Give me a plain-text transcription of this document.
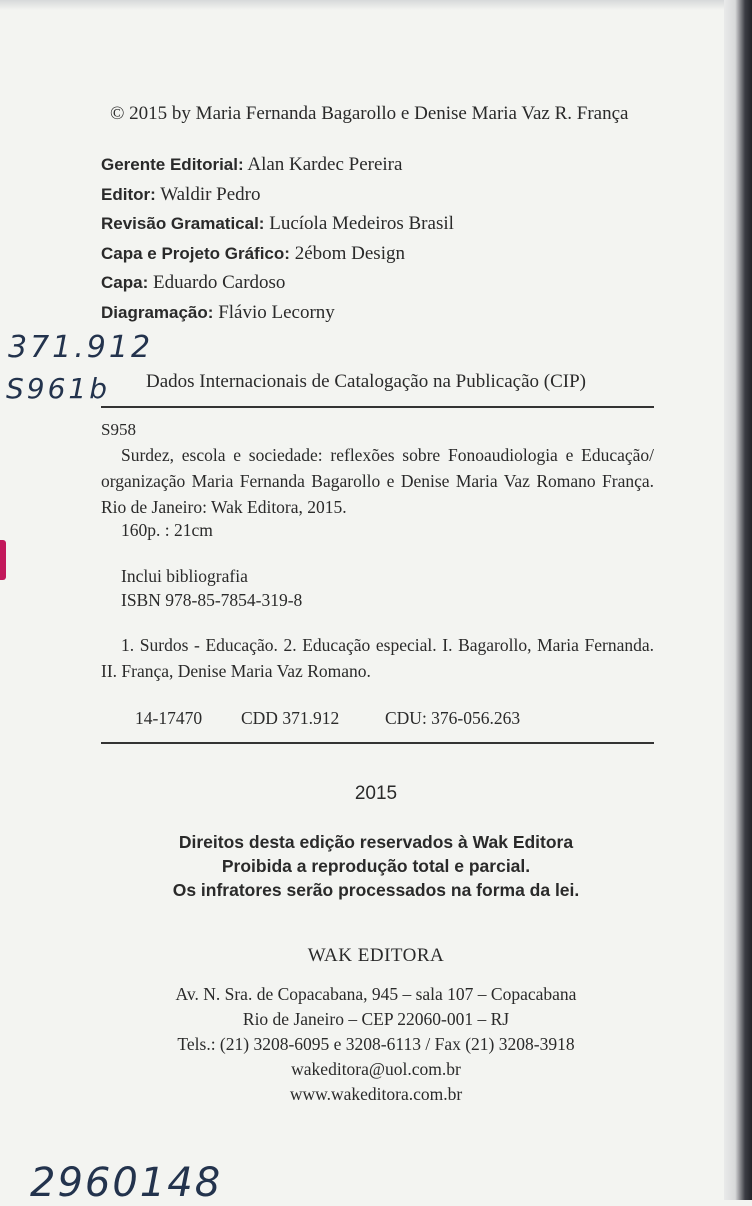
© 2015 by Maria Fernanda Bagarollo e Denise Maria Vaz R. França
Gerente Editorial: Alan Kardec Pereira
Editor: Waldir Pedro
Revisão Gramatical: Lucíola Medeiros Brasil
Capa e Projeto Gráfico: 2ébom Design
Capa: Eduardo Cardoso
Diagramação: Flávio Lecorny
371.912
S961b Dados Internacionais de Catalogação na Publicação (CIP)
S958
Surdez, escola e sociedade: reflexões sobre Fonoaudiologia e Educação/ organização Maria Fernanda Bagarollo e Denise Maria Vaz Romano França. Rio de Janeiro: Wak Editora, 2015.
160p. : 21cm
Inclui bibliografia
ISBN 978-85-7854-319-8
1. Surdos - Educação. 2. Educação especial. I. Bagarollo, Maria Fernanda. II. França, Denise Maria Vaz Romano.
14-17470 CDD 371.912	CDU: 376-056.263
2015
Direitos desta edição reservados à Wak Editora
Proibida a reprodução total e parcial.
Os infratores serão processados na forma da lei.
WAK EDITORA
Av. N. Sra. de Copacabana, 945 – sala 107 – Copacabana
Rio de Janeiro – CEP 22060-001 – RJ
Tels.: (21) 3208-6095 e 3208-6113 / Fax (21) 3208-3918
wakeditora@uol.com.br
www.wakeditora.com.br
2960148
